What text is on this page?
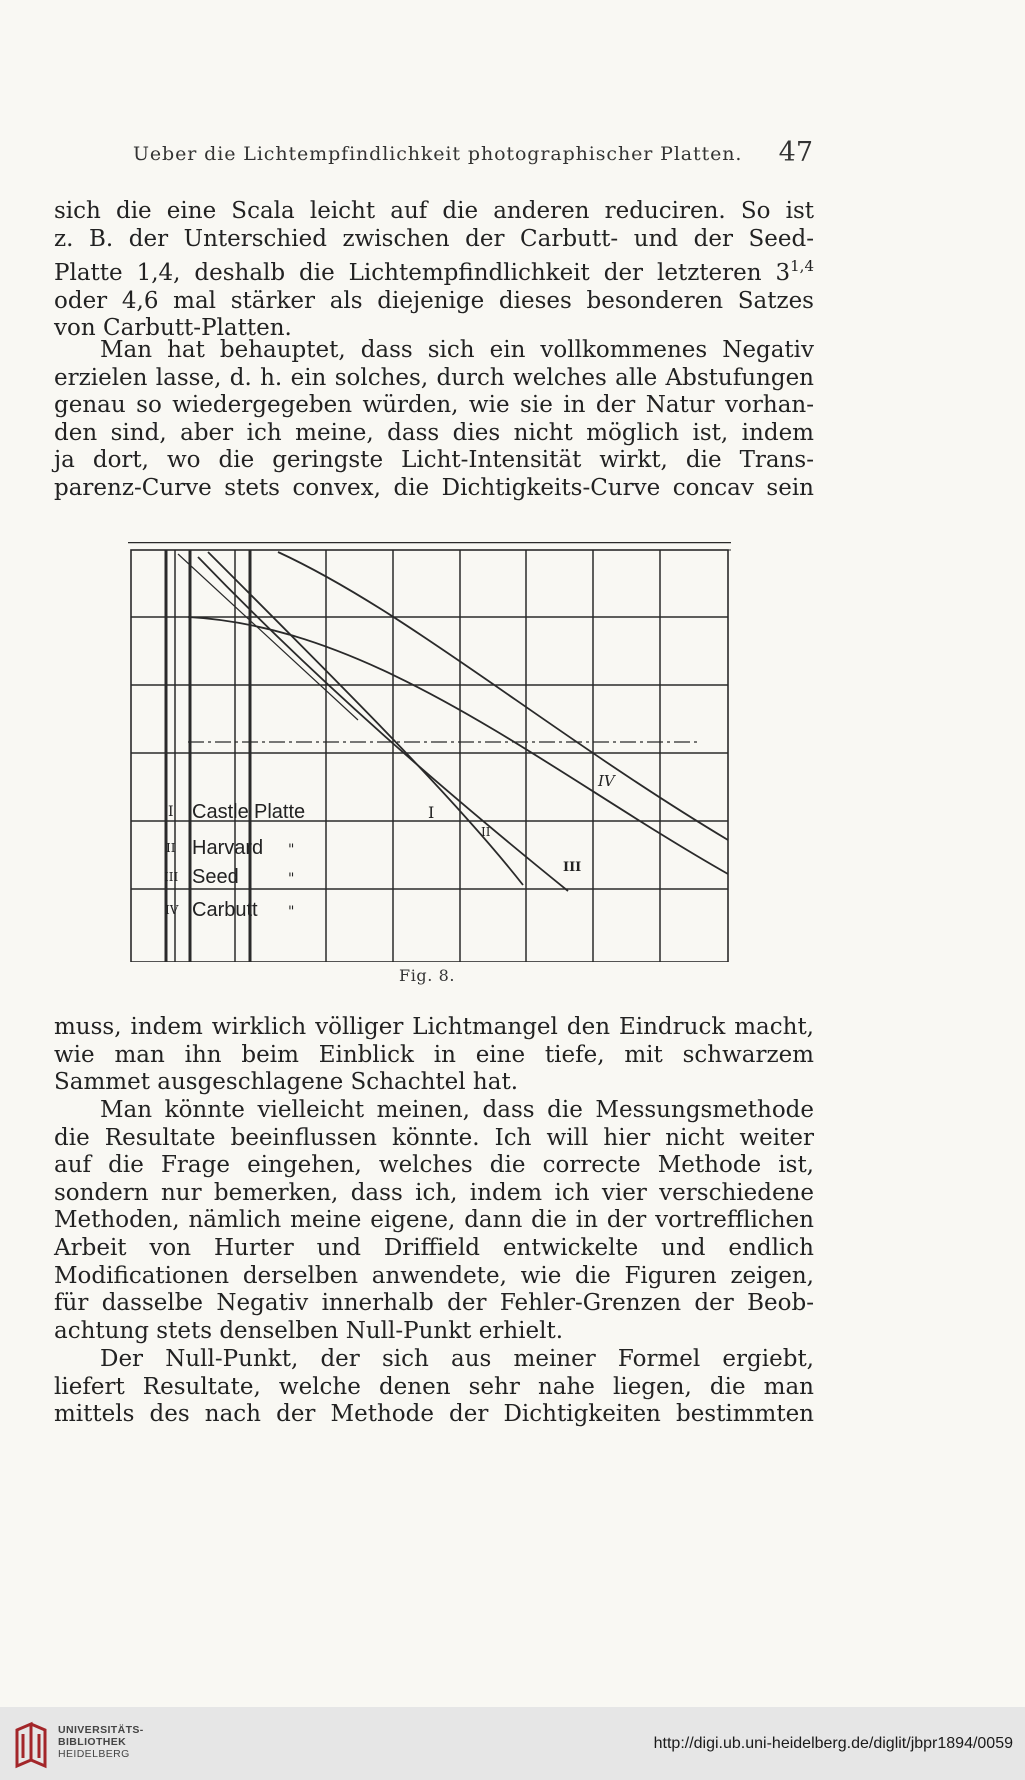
Ueber die Lichtempfindlichkeit photographischer Platten. 47
sich die eine Scala leicht auf die anderen reduciren. So ist
z. B. der Unterschied zwischen der Carbutt- und der Seed-
Platte 1,4, deshalb die Lichtempfindlichkeit der letzteren 3$^{1,4}$
oder 4,6 mal stärker als diejenige dieses besonderen Satzes
von Carbutt-Platten.
Man hat behauptet, dass sich ein vollkommenes Negativ
erzielen lasse, d. h. ein solches, durch welches alle Abstufungen
genau so wiedergegeben würden, wie sie in der Natur vorhan-
den sind, aber ich meine, dass dies nicht möglich ist, indem
ja dort, wo die geringste Licht-Intensität wirkt, die Trans-
parenz-Curve stets convex, die Dichtigkeits-Curve concav sein
I Castle Platte
II Harvard "
III Seed	"
IV Carbutt "
I
II
III
IV
Fig. 8.
muss, indem wirklich völliger Lichtmangel den Eindruck macht,
wie man ihn beim Einblick in eine tiefe, mit schwarzem
Sammet ausgeschlagene Schachtel hat.
Man könnte vielleicht meinen, dass die Messungsmethode
die Resultate beeinflussen könnte. Ich will hier nicht weiter
auf die Frage eingehen, welches die correcte Methode ist,
sondern nur bemerken, dass ich, indem ich vier verschiedene
Methoden, nämlich meine eigene, dann die in der vortrefflichen
Arbeit von Hurter und Driffield entwickelte und endlich
Modificationen derselben anwendete, wie die Figuren zeigen,
für dasselbe Negativ innerhalb der Fehler-Grenzen der Beob-
achtung stets denselben Null-Punkt erhielt.
Der Null-Punkt, der sich aus meiner Formel ergiebt,
liefert Resultate, welche denen sehr nahe liegen, die man
mittels des nach der Methode der Dichtigkeiten bestimmten
UNIVERSITÄTS-
BIBLIOTHEK
HEIDELBERG
http://digi.ub.uni-heidelberg.de/diglit/jbpr1894/0059
